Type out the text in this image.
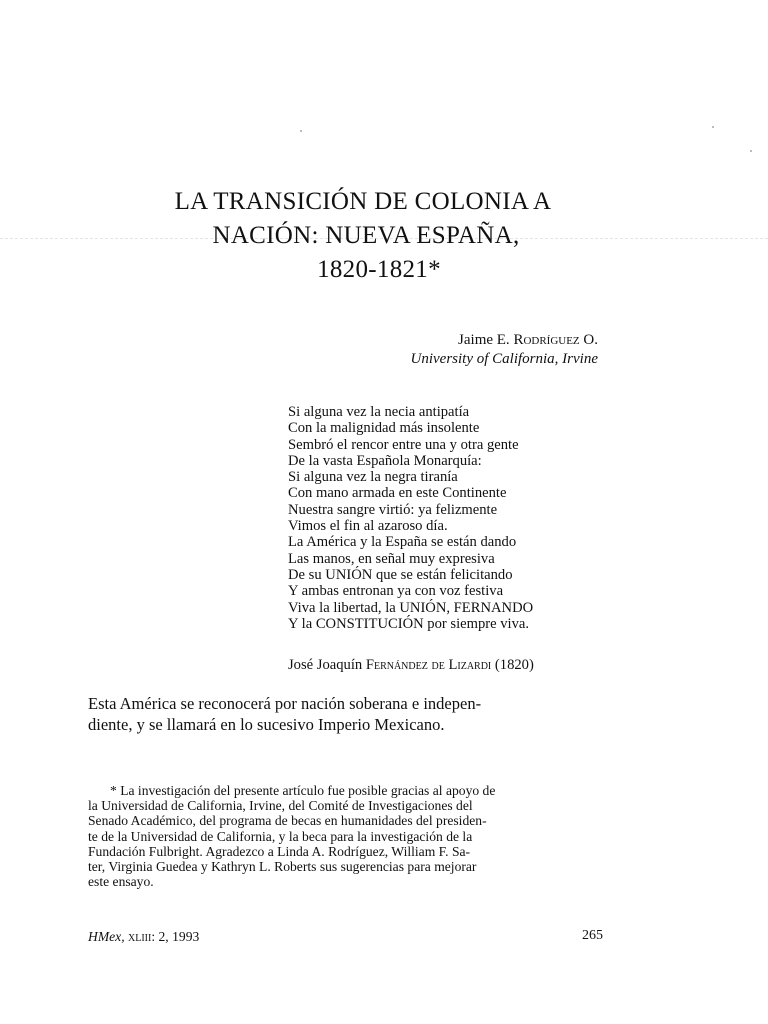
LA TRANSICIÓN DE COLONIA A
NACIÓN: NUEVA ESPAÑA,
1820-1821*
Jaime E. Rodríguez O.
University of California, Irvine
Si alguna vez la necia antipatía
Con la malignidad más insolente
Sembró el rencor entre una y otra gente
De la vasta Española Monarquía:
Si alguna vez la negra tiranía
Con mano armada en este Continente
Nuestra sangre virtió: ya felizmente
Vimos el fin al azaroso día.
La América y la España se están dando
Las manos, en señal muy expresiva
De su UNIÓN que se están felicitando
Y ambas entronan ya con voz festiva
Viva la libertad, la UNIÓN, FERNANDO
Y la CONSTITUCIÓN por siempre viva.
José Joaquín Fernández de Lizardi (1820)
Esta América se reconocerá por nación soberana e indepen-
diente, y se llamará en lo sucesivo Imperio Mexicano.
* La investigación del presente artículo fue posible gracias al apoyo de
la Universidad de California, Irvine, del Comité de Investigaciones del
Senado Académico, del programa de becas en humanidades del presiden-
te de la Universidad de California, y la beca para la investigación de la
Fundación Fulbright. Agradezco a Linda A. Rodríguez, William F. Sa-
ter, Virginia Guedea y Kathryn L. Roberts sus sugerencias para mejorar
este ensayo.
HMex, xliii: 2, 1993	265
